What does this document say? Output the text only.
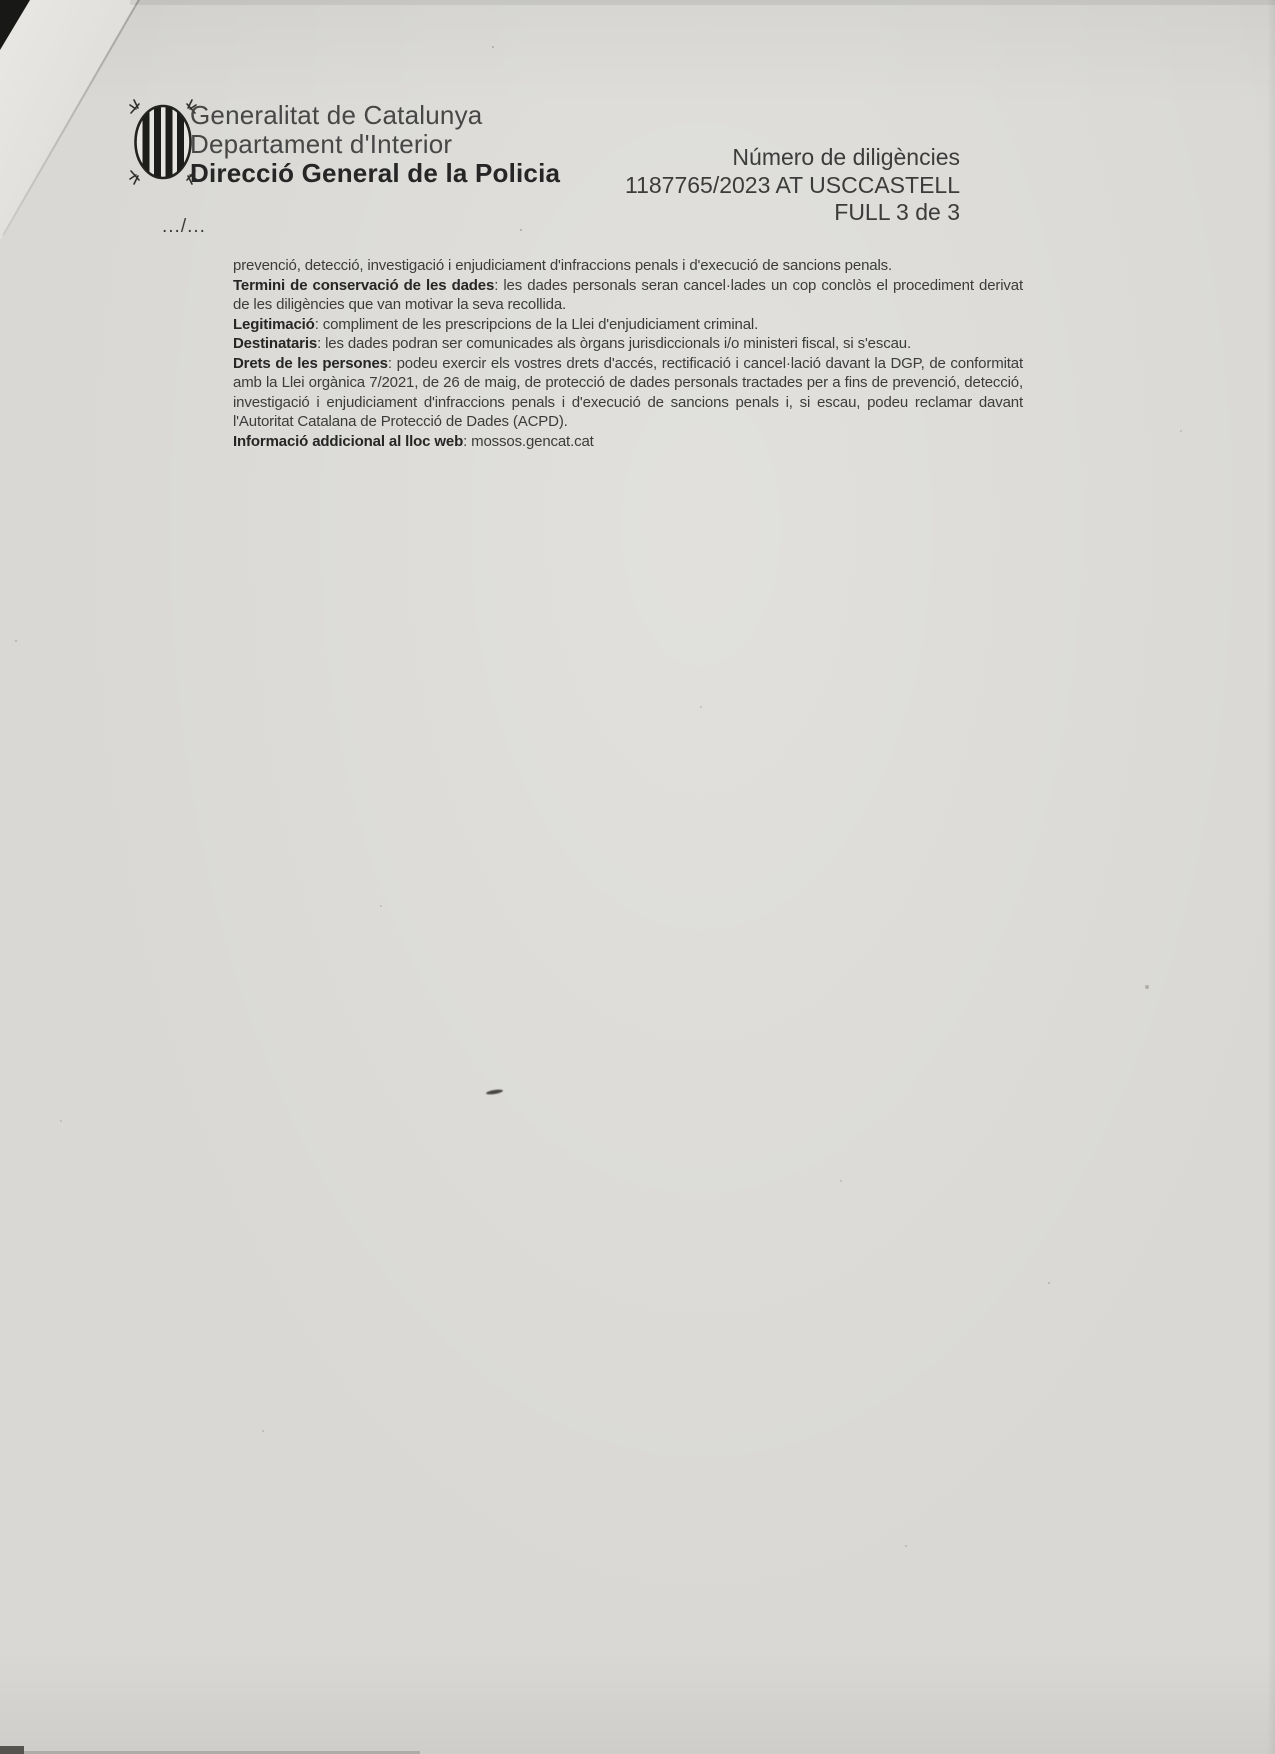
Generalitat de Catalunya
Departament d'Interior
Direcció General de la Policia
Número de diligències
1187765/2023 AT USCCASTELL
FULL 3 de 3
.../...

prevenció, detecció, investigació i enjudiciament d'infraccions penals i d'execució de sancions penals.

Termini de conservació de les dades: les dades personals seran cancel·lades un cop conclòs el procediment derivat de les diligències que van motivar la seva recollida.

Legitimació: compliment de les prescripcions de la Llei d'enjudiciament criminal.

Destinataris: les dades podran ser comunicades als òrgans jurisdiccionals i/o ministeri fiscal, si s'escau.

Drets de les persones: podeu exercir els vostres drets d'accés, rectificació i cancel·lació davant la DGP, de conformitat amb la Llei orgànica 7/2021, de 26 de maig, de protecció de dades personals tractades per a fins de prevenció, detecció, investigació i enjudiciament d'infraccions penals i d'execució de sancions penals i, si escau, podeu reclamar davant l'Autoritat Catalana de Protecció de Dades (ACPD).

Informació addicional al lloc web: mossos.gencat.cat
